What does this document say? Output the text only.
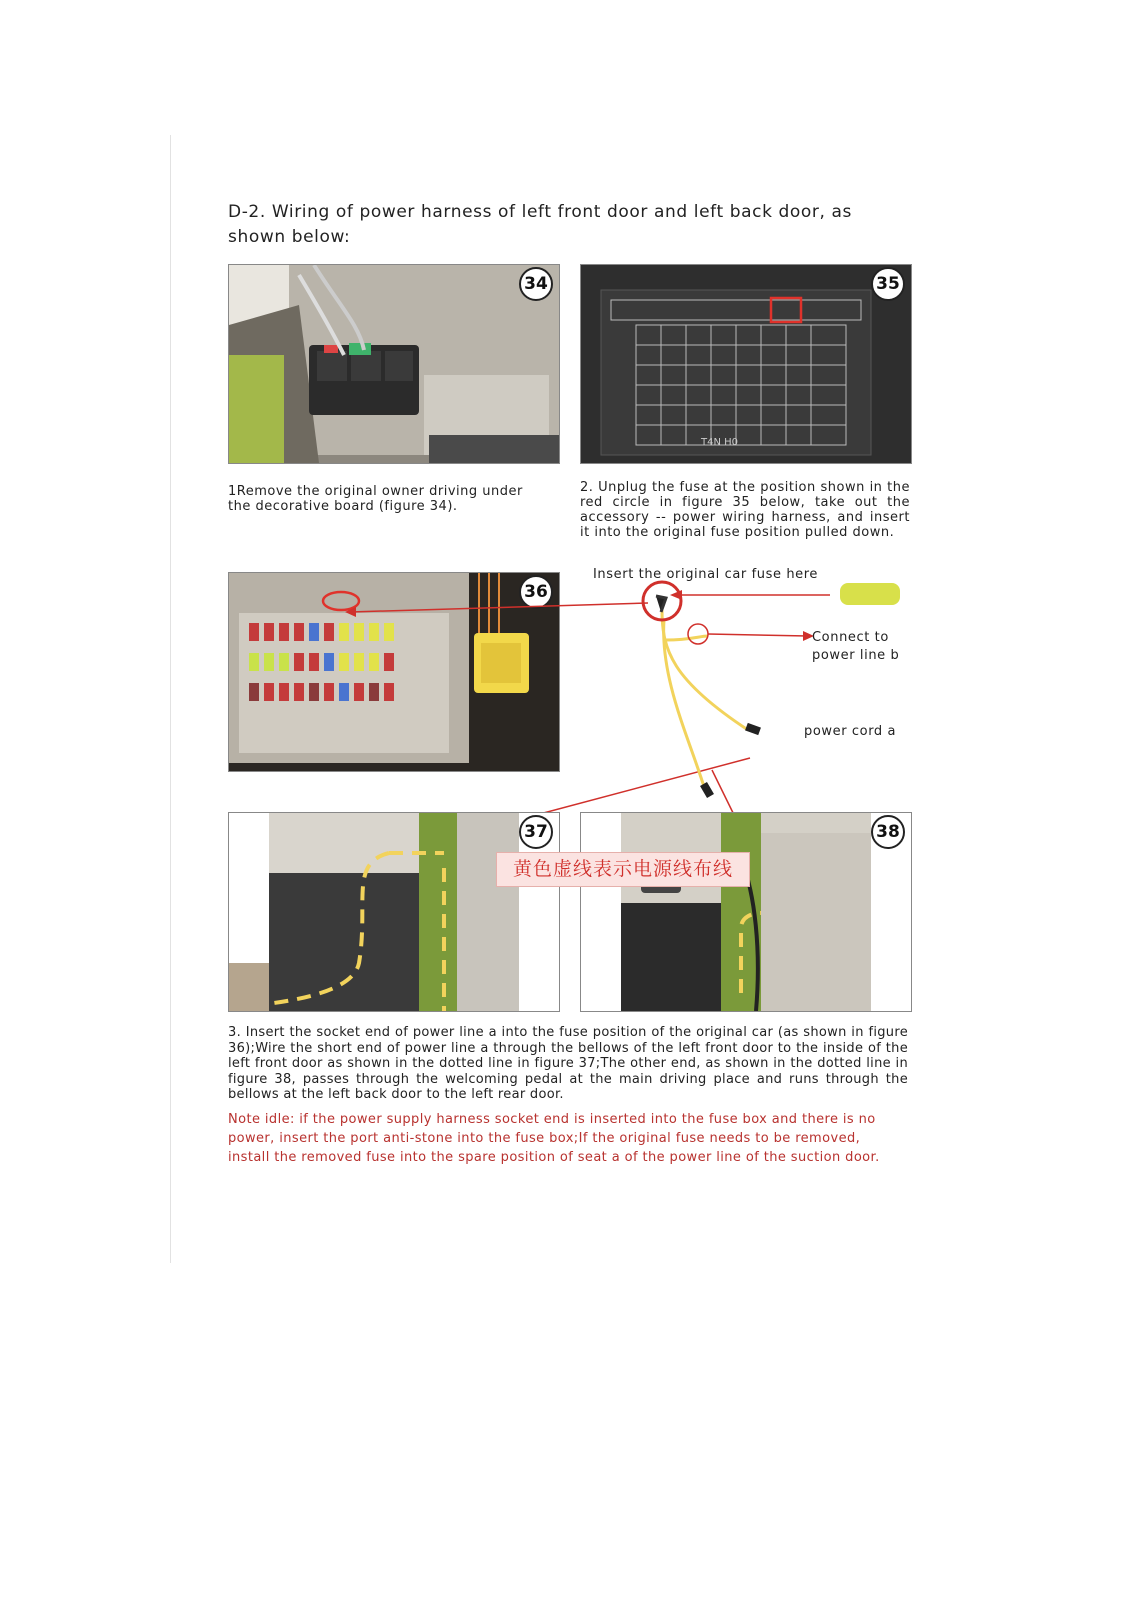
D-2. Wiring of power harness of left front door and left back door, as shown below:
34
T4N H0
35
1Remove the original owner driving under the decorative board (figure 34).
2. Unplug the fuse at the position shown in the red circle in figure 35 below, take out the accessory -- power wiring harness, and insert it into the original fuse position pulled down.
36
Insert the original car fuse here
Connect to
power line b
power cord a
37	38
黄色虚线表示电源线布线
3. Insert the socket end of power line a into the fuse position of the original car (as shown in figure 36);Wire the short end of power line a through the bellows of the left front door to the inside of the left front door as shown in the dotted line in figure 37;The other end, as shown in the dotted line in figure 38, passes through the welcoming pedal at the main driving place and runs through the bellows at the left back door to the left rear door.
Note idle: if the power supply harness socket end is inserted into the fuse box and there is no power, insert the port anti-stone into the fuse box;If the original fuse needs to be removed, install the removed fuse into the spare position of seat a of the power line of the suction door.
